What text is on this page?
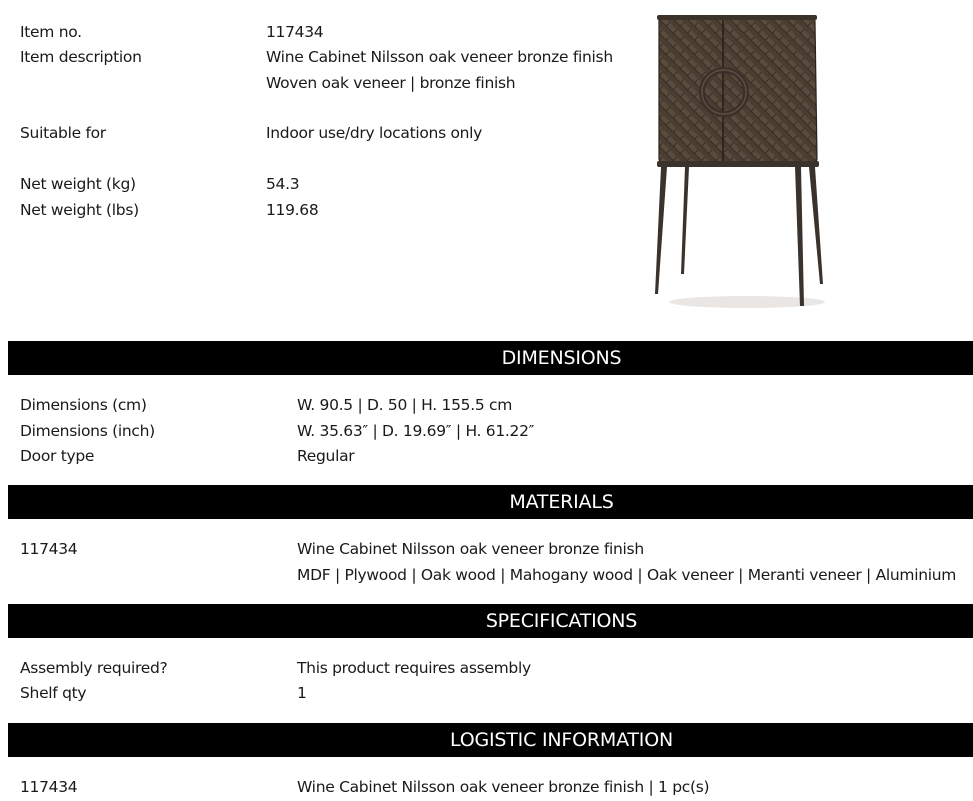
Item no.	117434
Item description	Wine Cabinet Nilsson oak veneer bronze finish
Woven oak veneer | bronze finish
Suitable for	Indoor use/dry locations only
Net weight (kg)	54.3
Net weight (lbs)	119.68
DIMENSIONS
Dimensions (cm)	W. 90.5 | D. 50 | H. 155.5 cm
Dimensions (inch)	W. 35.63″ | D. 19.69″ | H. 61.22″
Door type	Regular
MATERIALS
117434	Wine Cabinet Nilsson oak veneer bronze finish
MDF | Plywood | Oak wood | Mahogany wood | Oak veneer | Meranti veneer | Aluminium
SPECIFICATIONS
Assembly required?	This product requires assembly
Shelf qty	1
LOGISTIC INFORMATION
117434	Wine Cabinet Nilsson oak veneer bronze finish | 1 pc(s)
